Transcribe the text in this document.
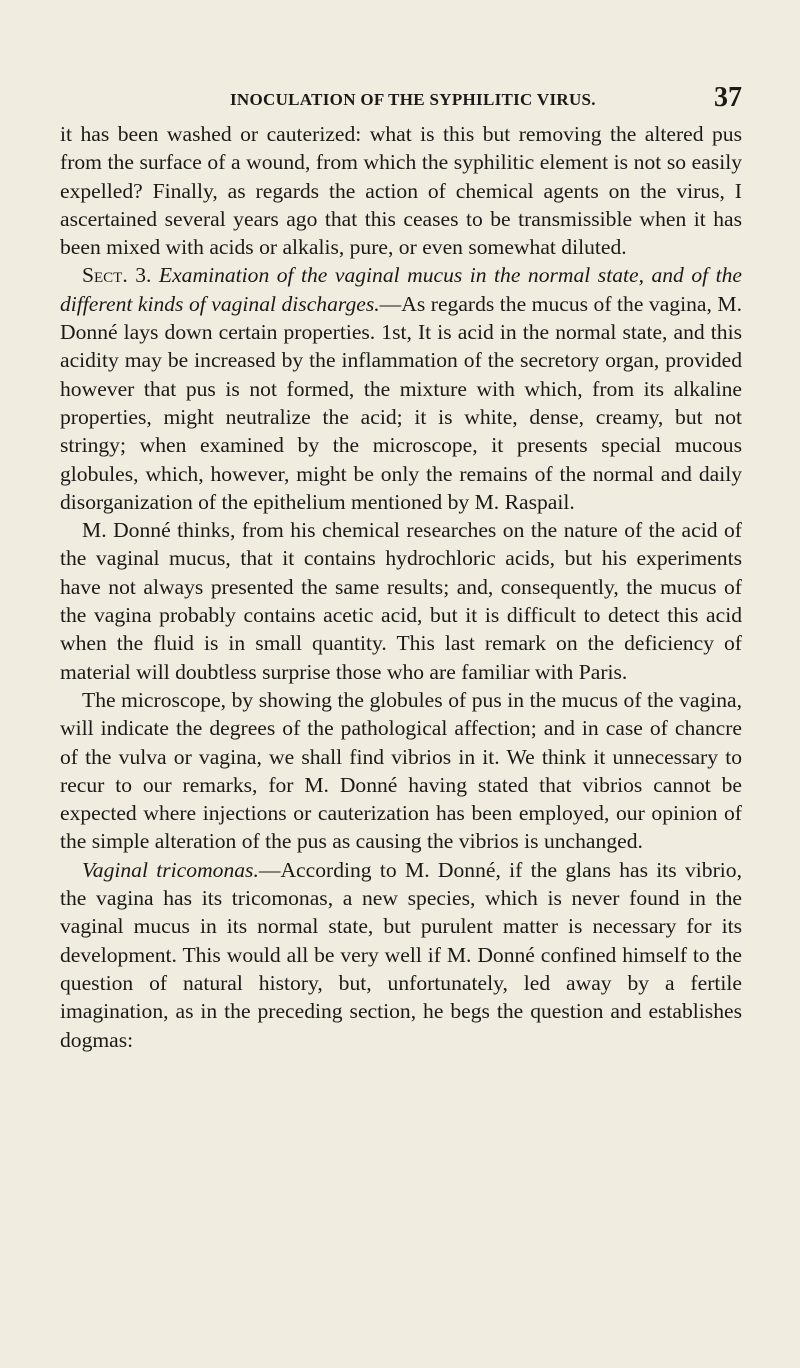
INOCULATION OF THE SYPHILITIC VIRUS.	37

it has been washed or cauterized: what is this but removing the altered pus from the surface of a wound, from which the syphilitic element is not so easily expelled? Finally, as regards the action of chemical agents on the virus, I ascertained several years ago that this ceases to be transmissible when it has been mixed with acids or alkalis, pure, or even somewhat diluted.

Sect. 3. Examination of the vaginal mucus in the normal state, and of the different kinds of vaginal discharges.—As regards the mucus of the vagina, M. Donné lays down certain properties. 1st, It is acid in the normal state, and this acidity may be increased by the inflammation of the secretory organ, provided however that pus is not formed, the mixture with which, from its alkaline properties, might neutralize the acid; it is white, dense, creamy, but not stringy; when examined by the microscope, it presents special mucous globules, which, however, might be only the remains of the normal and daily disorganization of the epithelium mentioned by M. Raspail.

M. Donné thinks, from his chemical researches on the nature of the acid of the vaginal mucus, that it contains hydrochloric acids, but his experiments have not always presented the same results; and, consequently, the mucus of the vagina probably contains acetic acid, but it is difficult to detect this acid when the fluid is in small quantity. This last remark on the deficiency of material will doubtless surprise those who are familiar with Paris.

The microscope, by showing the globules of pus in the mucus of the vagina, will indicate the degrees of the pathological affection; and in case of chancre of the vulva or vagina, we shall find vibrios in it. We think it unnecessary to recur to our remarks, for M. Donné having stated that vibrios cannot be expected where injections or cauterization has been employed, our opinion of the simple alteration of the pus as causing the vibrios is unchanged.

Vaginal tricomonas.—According to M. Donné, if the glans has its vibrio, the vagina has its tricomonas, a new species, which is never found in the vaginal mucus in its normal state, but purulent matter is necessary for its development. This would all be very well if M. Donné confined himself to the question of natural history, but, unfortunately, led away by a fertile imagination, as in the preceding section, he begs the question and establishes dogmas:
